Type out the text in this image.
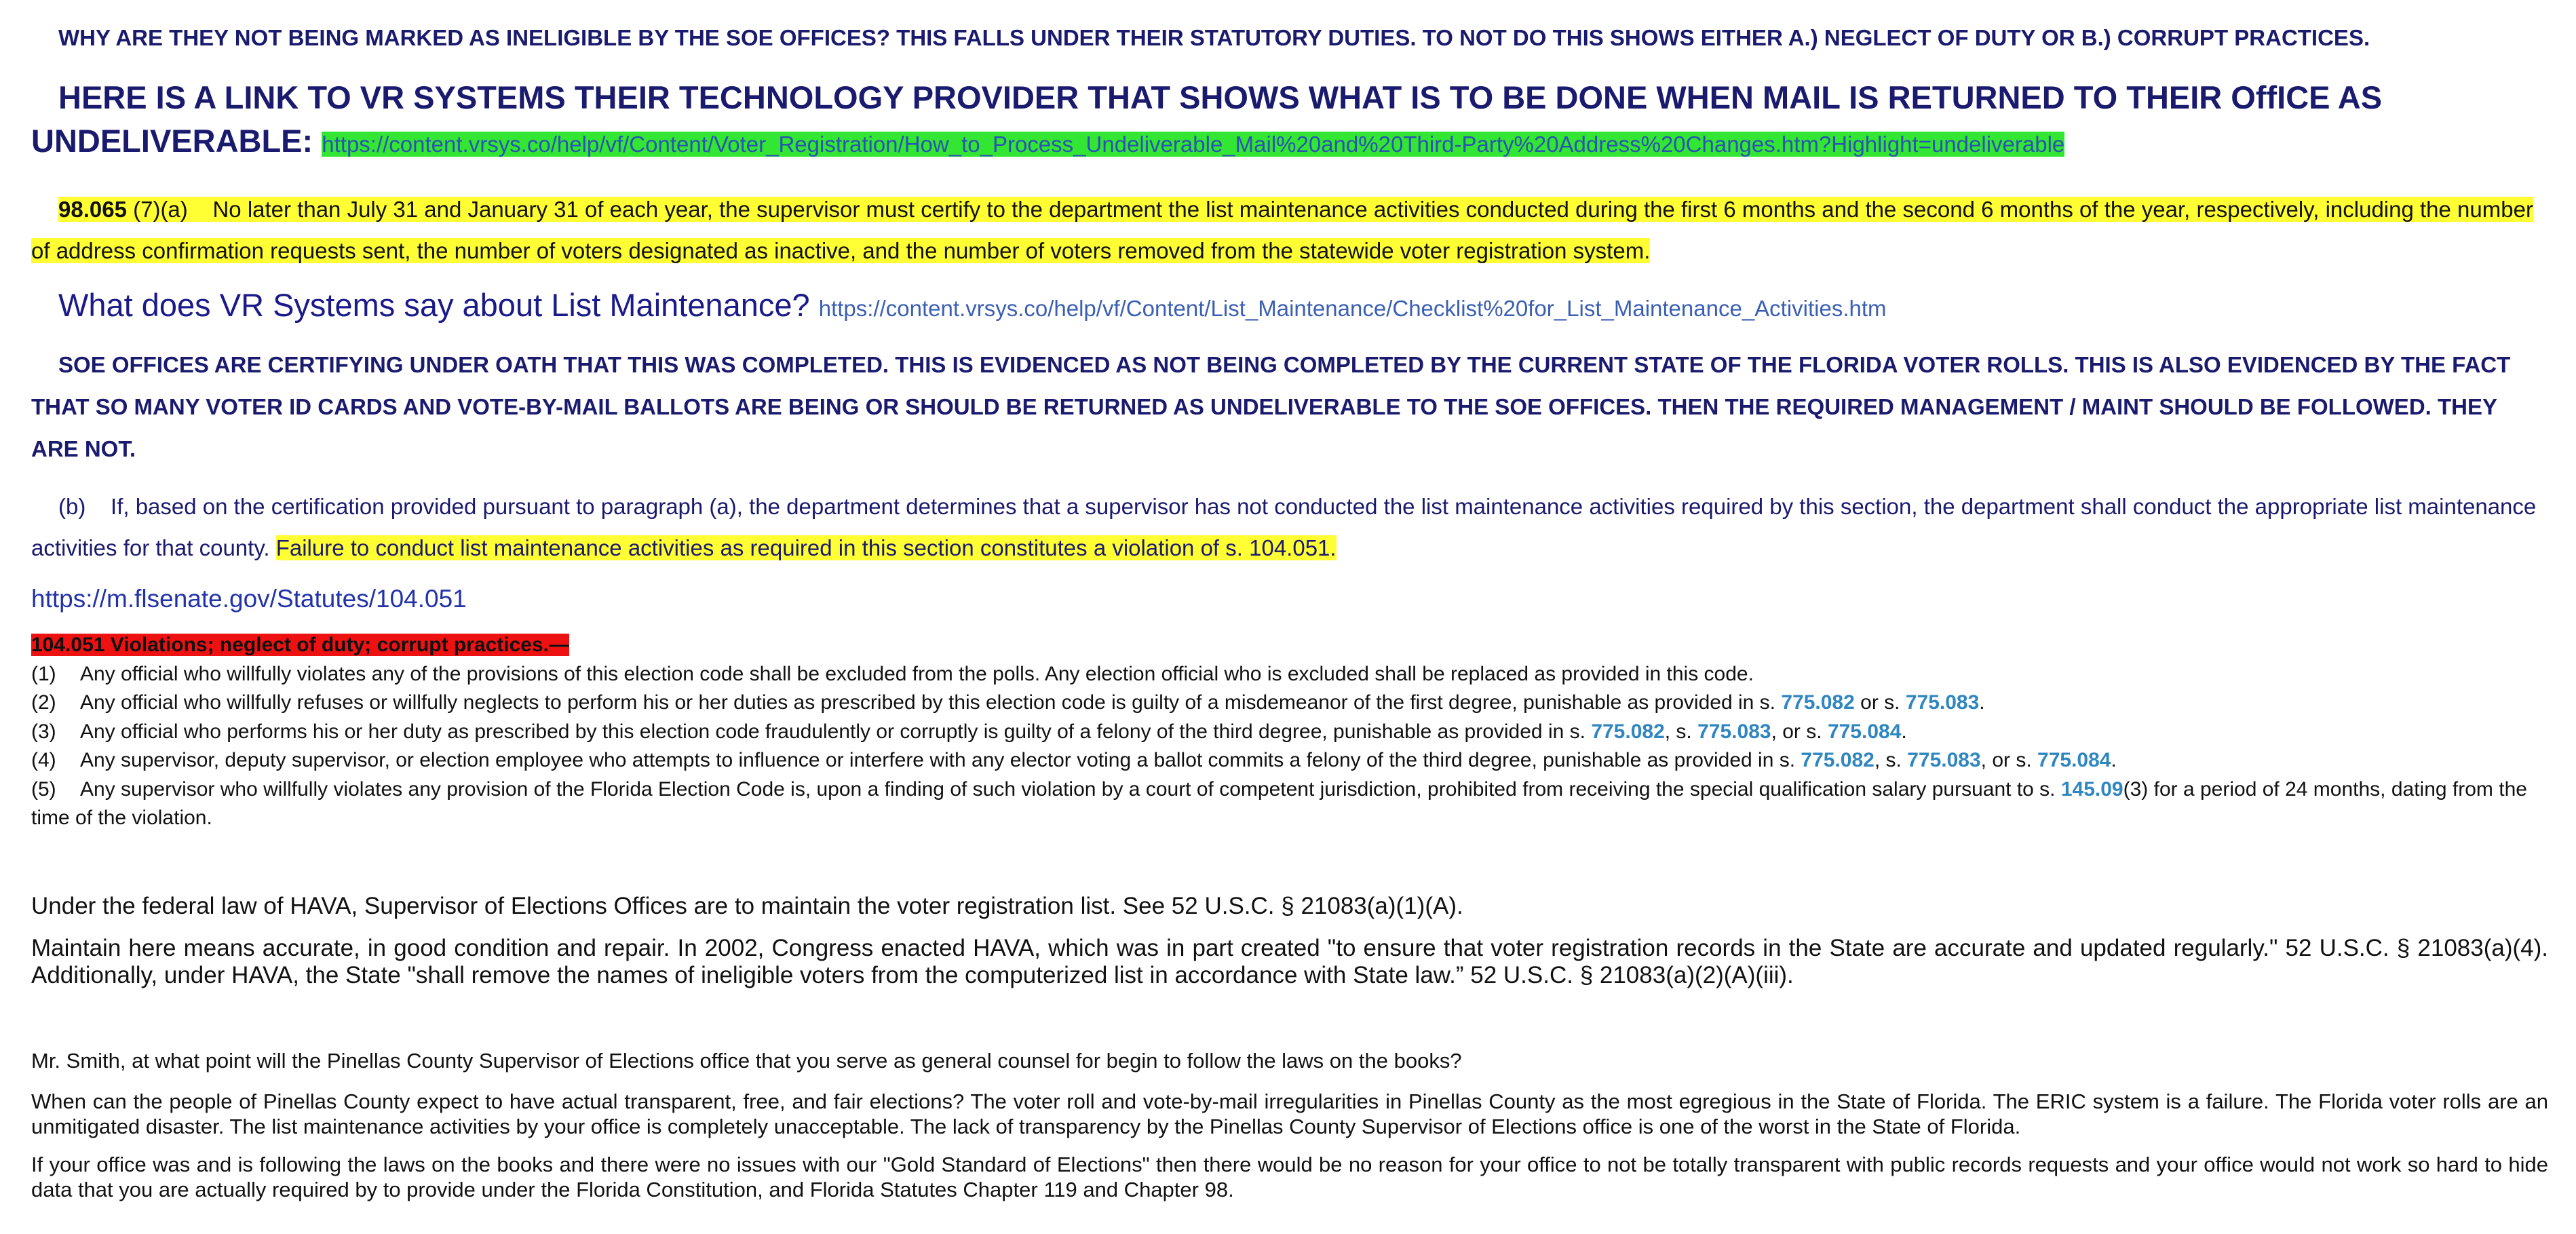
WHY ARE THEY NOT BEING MARKED AS INELIGIBLE BY THE SOE OFFICES? THIS FALLS UNDER THEIR STATUTORY DUTIES. TO NOT DO THIS SHOWS EITHER A.) NEGLECT OF DUTY OR B.) CORRUPT PRACTICES.
HERE IS A LINK TO VR SYSTEMS THEIR TECHNOLOGY PROVIDER THAT SHOWS WHAT IS TO BE DONE WHEN MAIL IS RETURNED TO THEIR OffICE AS
UNDELIVERABLE: https://content.vrsys.co/help/vf/Content/Voter_Registration/How_to_Process_Undeliverable_Mail%20and%20Third-Party%20Address%20Changes.htm?Highlight=undeliverable
98.065 (7)(a) No later than July 31 and January 31 of each year, the supervisor must certify to the department the list maintenance activities conducted during the first 6 months and the second 6 months of the year, respectively, including the number of address confirmation requests sent, the number of voters designated as inactive, and the number of voters removed from the statewide voter registration system.
What does VR Systems say about List Maintenance? https://content.vrsys.co/help/vf/Content/List_Maintenance/Checklist%20for_List_Maintenance_Activities.htm
SOE OFFICES ARE CERTIFYING UNDER OATH THAT THIS WAS COMPLETED. THIS IS EVIDENCED AS NOT BEING COMPLETED BY THE CURRENT STATE OF THE FLORIDA VOTER ROLLS. THIS IS ALSO EVIDENCED BY THE FACT THAT SO MANY VOTER ID CARDS AND VOTE-BY-MAIL BALLOTS ARE BEING OR SHOULD BE RETURNED AS UNDELIVERABLE TO THE SOE OFFICES. THEN THE REQUIRED MANAGEMENT / MAINT SHOULD BE FOLLOWED. THEY ARE NOT.
(b) If, based on the certification provided pursuant to paragraph (a), the department determines that a supervisor has not conducted the list maintenance activities required by this section, the department shall conduct the appropriate list maintenance activities for that county. Failure to conduct list maintenance activities as required in this section constitutes a violation of s. 104.051.
https://m.flsenate.gov/Statutes/104.051
104.051 Violations; neglect of duty; corrupt practices.—
(1)	Any official who willfully violates any of the provisions of this election code shall be excluded from the polls. Any election official who is excluded shall be replaced as provided in this code.
(2)	Any official who willfully refuses or willfully neglects to perform his or her duties as prescribed by this election code is guilty of a misdemeanor of the first degree, punishable as provided in s. 775.082 or s. 775.083.
(3)	Any official who performs his or her duty as prescribed by this election code fraudulently or corruptly is guilty of a felony of the third degree, punishable as provided in s. 775.082, s. 775.083, or s. 775.084.
(4)	Any supervisor, deputy supervisor, or election employee who attempts to influence or interfere with any elector voting a ballot commits a felony of the third degree, punishable as provided in s. 775.082, s. 775.083, or s. 775.084.
(5) Any supervisor who willfully violates any provision of the Florida Election Code is, upon a finding of such violation by a court of competent jurisdiction, prohibited from receiving the special qualification salary pursuant to s. 145.09(3) for a period of 24 months, dating from the time of the violation.
Under the federal law of HAVA, Supervisor of Elections Offices are to maintain the voter registration list. See 52 U.S.C. § 21083(a)(1)(A).
Maintain here means accurate, in good condition and repair. In 2002, Congress enacted HAVA, which was in part created "to ensure that voter registration records in the State are accurate and updated regularly." 52 U.S.C. § 21083(a)(4). Additionally, under HAVA, the State "shall remove the names of ineligible voters from the computerized list in accordance with State law.” 52 U.S.C. § 21083(a)(2)(A)(iii).
Mr. Smith, at what point will the Pinellas County Supervisor of Elections office that you serve as general counsel for begin to follow the laws on the books?
When can the people of Pinellas County expect to have actual transparent, free, and fair elections? The voter roll and vote-by-mail irregularities in Pinellas County as the most egregious in the State of Florida. The ERIC system is a failure. The Florida voter rolls are an unmitigated disaster. The list maintenance activities by your office is completely unacceptable. The lack of transparency by the Pinellas County Supervisor of Elections office is one of the worst in the State of Florida.
If your office was and is following the laws on the books and there were no issues with our "Gold Standard of Elections" then there would be no reason for your office to not be totally transparent with public records requests and your office would not work so hard to hide data that you are actually required by to provide under the Florida Constitution, and Florida Statutes Chapter 119 and Chapter 98.
